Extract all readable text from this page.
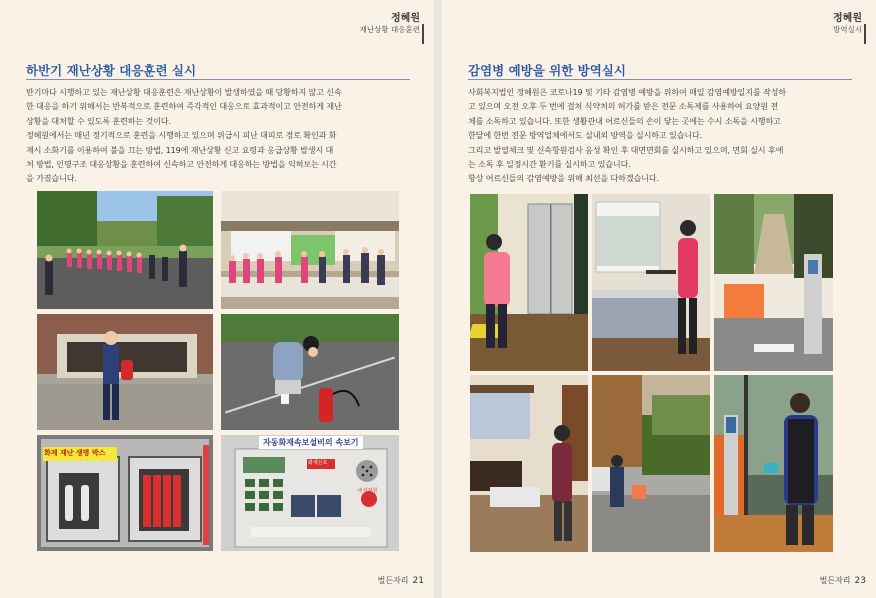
정혜원
재난상황 대응훈련
하반기 재난상황 대응훈련 실시

반기마다 시행하고 있는 재난상황 대응훈련은 재난상황이 발생하였을 때 당황하지 않고 신속

한 대응을 하기 위해서는 반복적으로 훈련하여 즉각적인 대응으로 효과적이고 안전하게 재난

상황을 대처할 수 있도록 훈련하는 것이다.

정혜원에서는 매년 정기적으로 훈련을 시행하고 있으며 위급시 피난 대피로 경로 확인과 화

재시 소화기를 이용하여 불을 끄는 방법, 119에 재난상황 신고 요령과 응급상황 발생시 대

처 방법, 인명구조 대응상황을 훈련하여 신속하고 안전하게 대응하는 방법을 익혀보는 시간

을 가졌습니다.

화재 재난 생명 박스
자동화재속보설비의 속보기
화재신호
비상전원
벌든자리 21
정혜원
방역실시
감염병 예방을 위한 방역실시

사회복지법인 정혜원은 코로나19 및 기타 감염병 예방을 위하여 매일 감염예방일지를 작성하

고 있으며 오전 오후 두 번에 걸쳐 식약처의 허가를 받은 전문 소독제를 사용하여 요양원 전

체를 소독하고 있습니다. 또한 생활관내 어르신들의 손이 닿는 곳에는 수시 소독을 시행하고

한달에 한번 전문 방역업체에서도 실내외 방역을 실시하고 있습니다.

그리고 발열체크 및 신속항원검사 음성 확인 후 대면면회를 실시하고 있으며, 면회 실시 후에

는 소독 후 일정시간 환기를 실시하고 있습니다.

항상 어르신들의 감염예방을 위해 최선을 다하겠습니다.

벌든자리 23
